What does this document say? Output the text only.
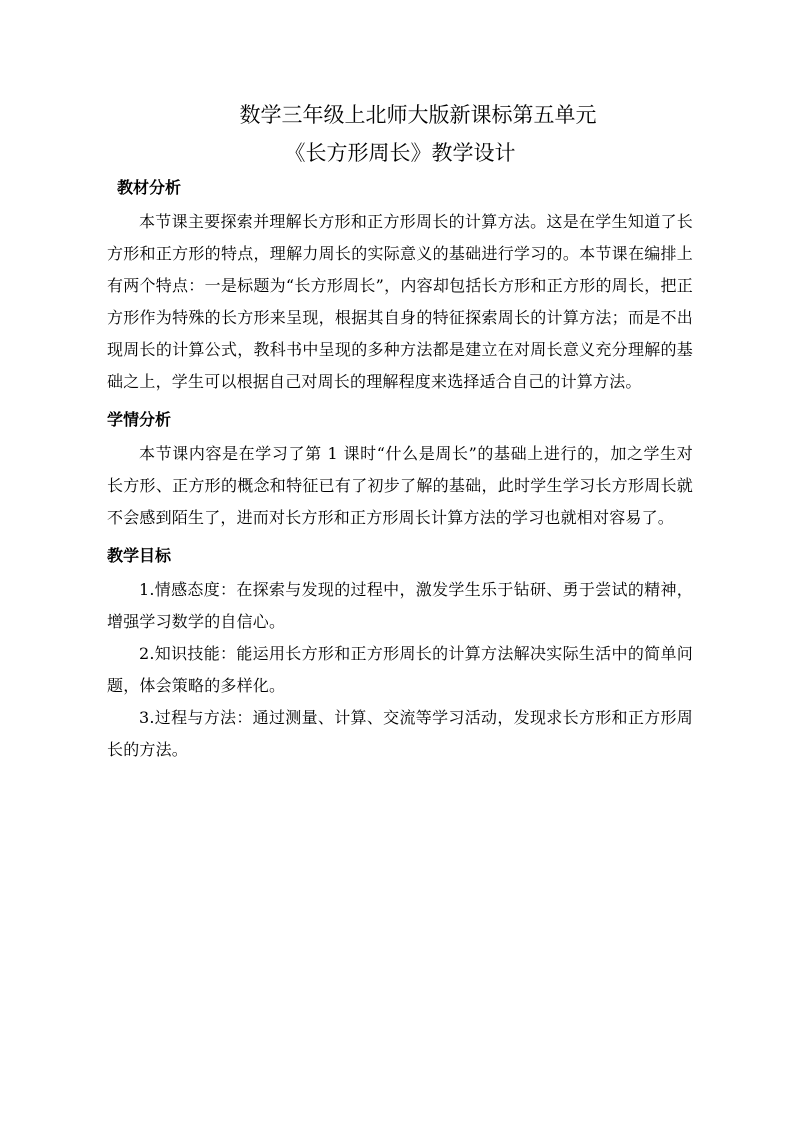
数学三年级上北师大版新课标第五单元
《长方形周长》教学设计
教材分析

本节课主要探索并理解长方形和正方形周长的计算方法。这是在学生知道了长方形和正方形的特点，理解力周长的实际意义的基础进行学习的。本节课在编排上有两个特点：一是标题为“长方形周长”，内容却包括长方形和正方形的周长，把正方形作为特殊的长方形来呈现，根据其自身的特征探索周长的计算方法；而是不出现周长的计算公式，教科书中呈现的多种方法都是建立在对周长意义充分理解的基础之上，学生可以根据自己对周长的理解程度来选择适合自己的计算方法。

学情分析

本节课内容是在学习了第 1 课时“什么是周长”的基础上进行的，加之学生对长方形、正方形的概念和特征已有了初步了解的基础，此时学生学习长方形周长就不会感到陌生了，进而对长方形和正方形周长计算方法的学习也就相对容易了。

教学目标

1.情感态度：在探索与发现的过程中，激发学生乐于钻研、勇于尝试的精神，增强学习数学的自信心。

2.知识技能：能运用长方形和正方形周长的计算方法解决实际生活中的简单问题，体会策略的多样化。

3.过程与方法：通过测量、计算、交流等学习活动，发现求长方形和正方形周长的方法。
